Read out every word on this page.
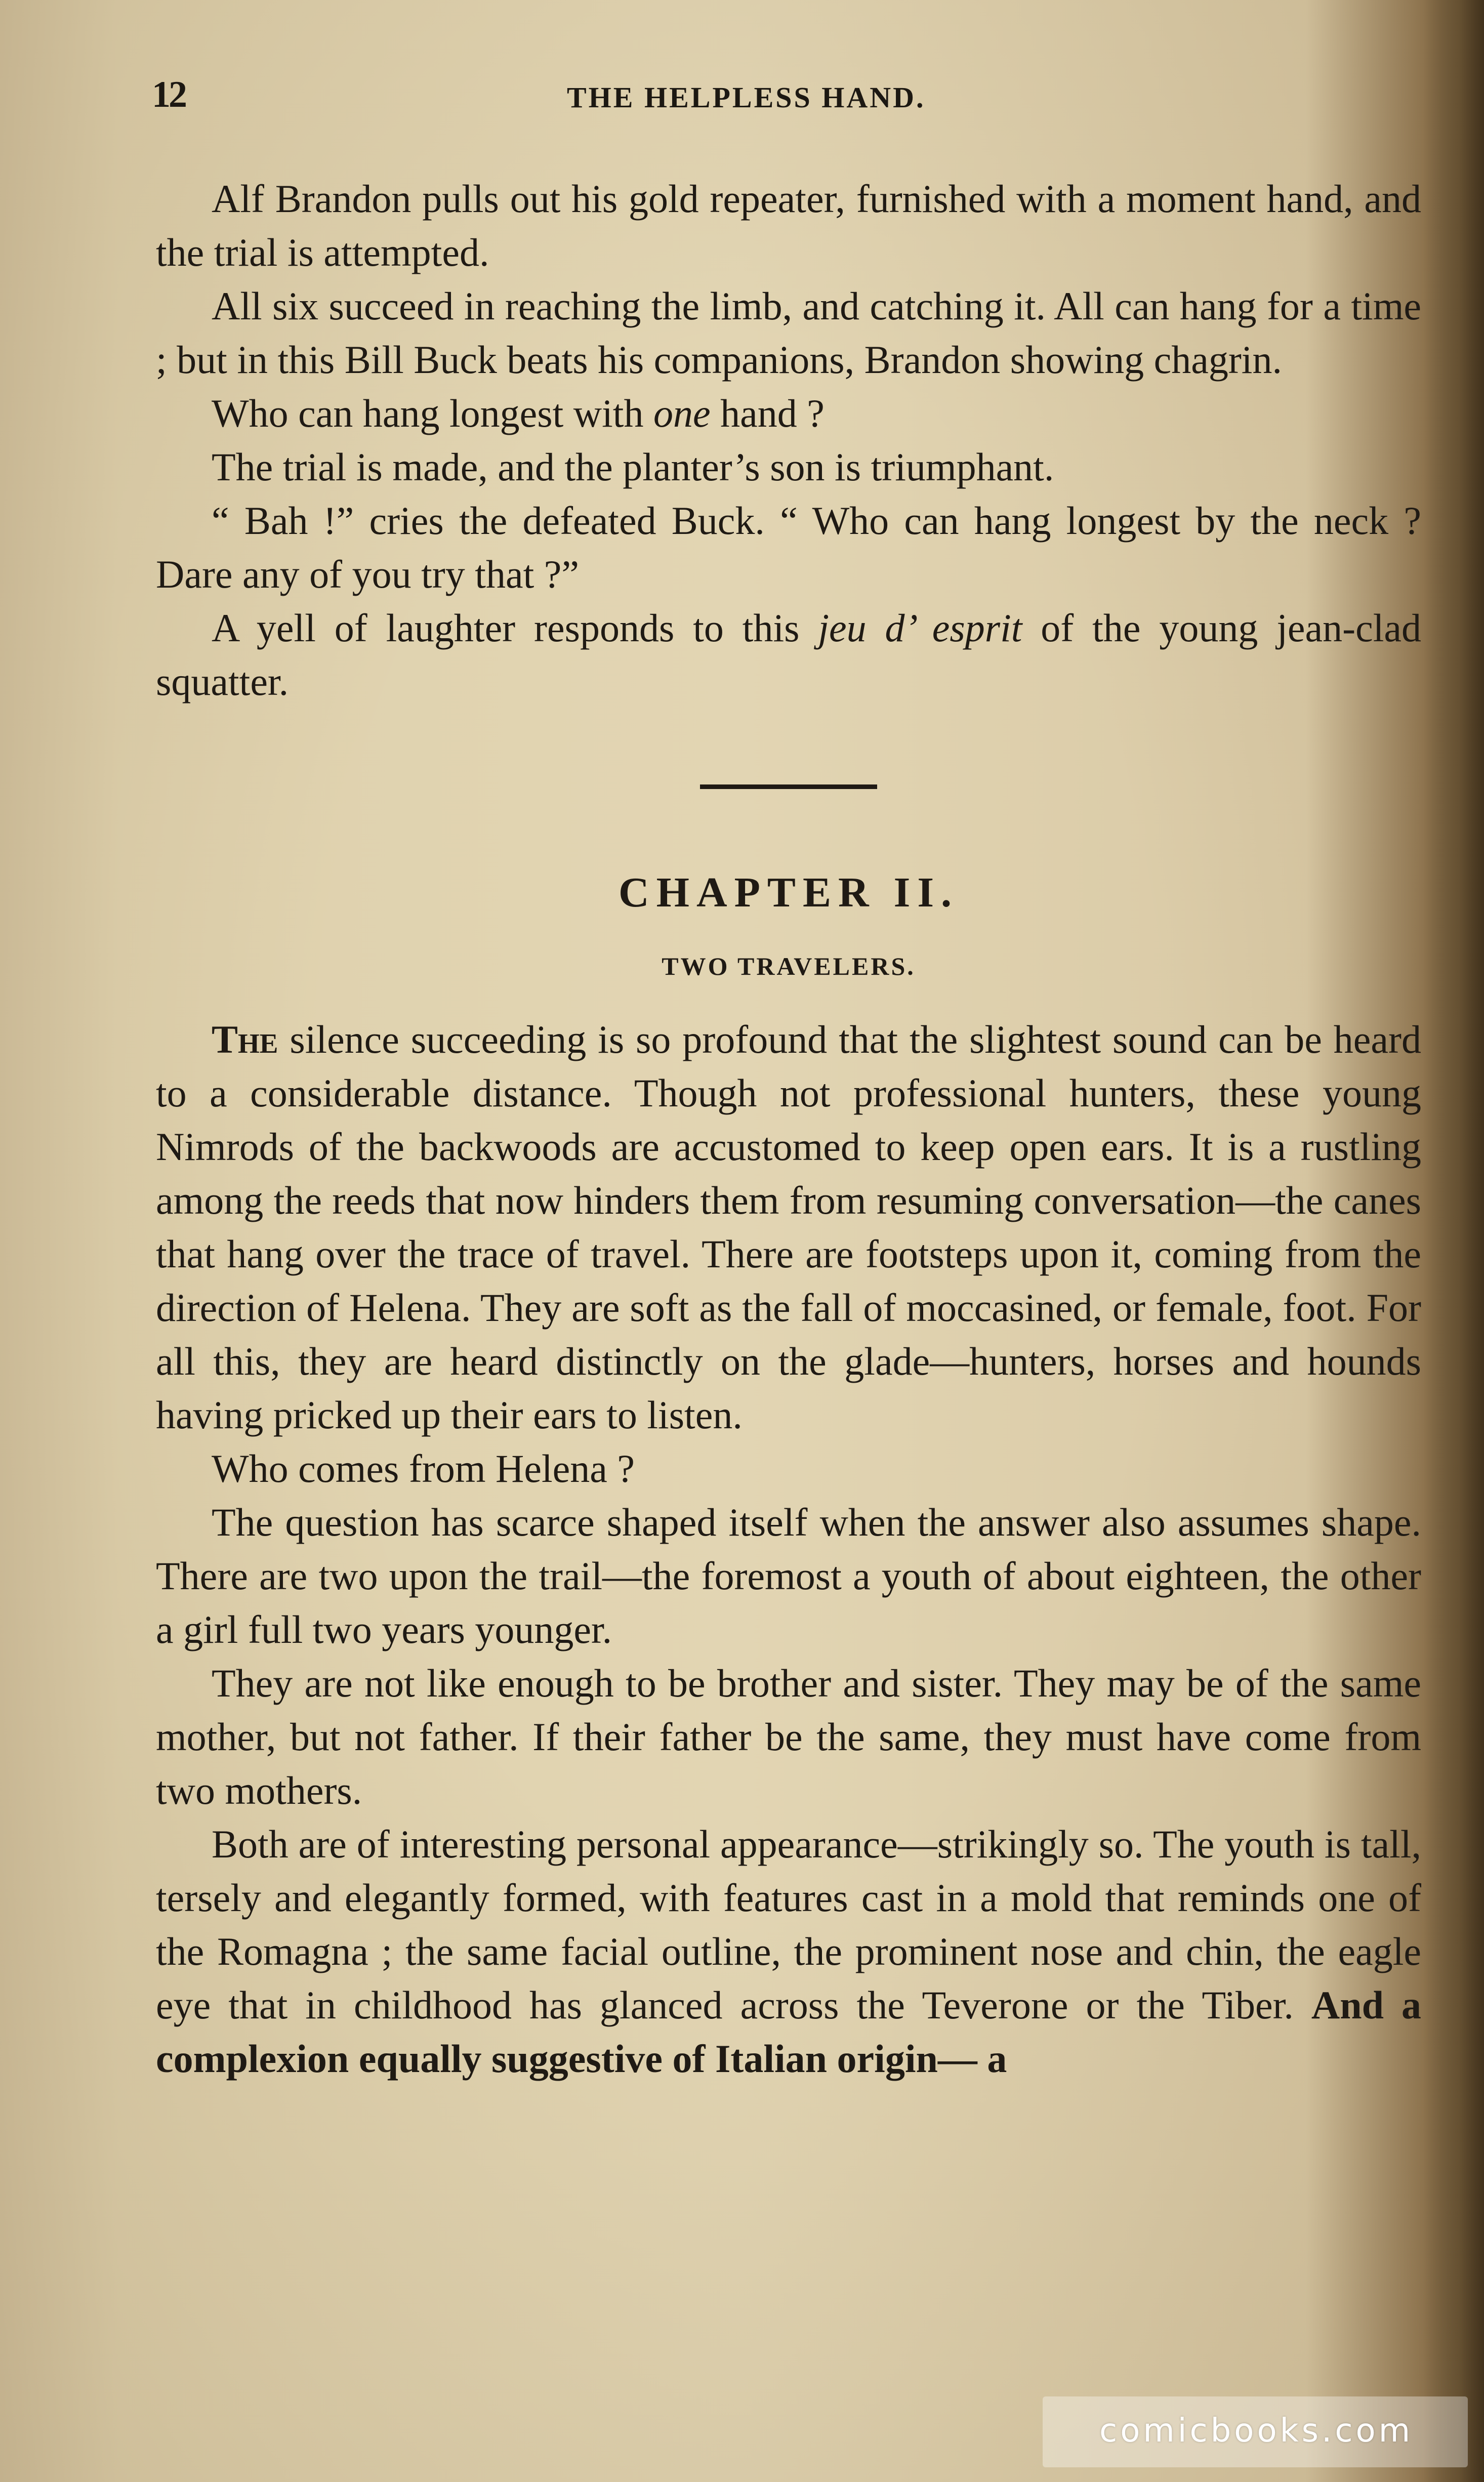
12	THE HELPLESS HAND.

Alf Brandon pulls out his gold repeater, furnished with a moment hand, and the trial is attempted.

All six succeed in reaching the limb, and catching it. All can hang for a time ; but in this Bill Buck beats his companions, Brandon showing chagrin.

Who can hang longest with one hand ?

The trial is made, and the planter’s son is triumphant.

“ Bah !” cries the defeated Buck. “ Who can hang longest by the neck ? Dare any of you try that ?”

A yell of laughter responds to this jeu d’ esprit of the young jean-clad squatter.

CHAPTER II.
TWO TRAVELERS.

The silence succeeding is so profound that the slightest sound can be heard to a considerable distance. Though not professional hunters, these young Nimrods of the backwoods are accustomed to keep open ears. It is a rustling among the reeds that now hinders them from resuming conversation—the canes that hang over the trace of travel. There are footsteps upon it, coming from the direction of Helena. They are soft as the fall of moccasined, or female, foot. For all this, they are heard distinctly on the glade—hunters, horses and hounds having pricked up their ears to listen.

Who comes from Helena ?

The question has scarce shaped itself when the answer also assumes shape. There are two upon the trail—the foremost a youth of about eighteen, the other a girl full two years younger.

They are not like enough to be brother and sister. They may be of the same mother, but not father. If their father be the same, they must have come from two mothers.

Both are of interesting personal appearance—strikingly so. The youth is tall, tersely and elegantly formed, with features cast in a mold that reminds one of the Romagna ; the same facial outline, the prominent nose and chin, the eagle eye that in childhood has glanced across the Teverone or the Tiber. And a complexion equally suggestive of Italian origin— a

comicbooks.com
